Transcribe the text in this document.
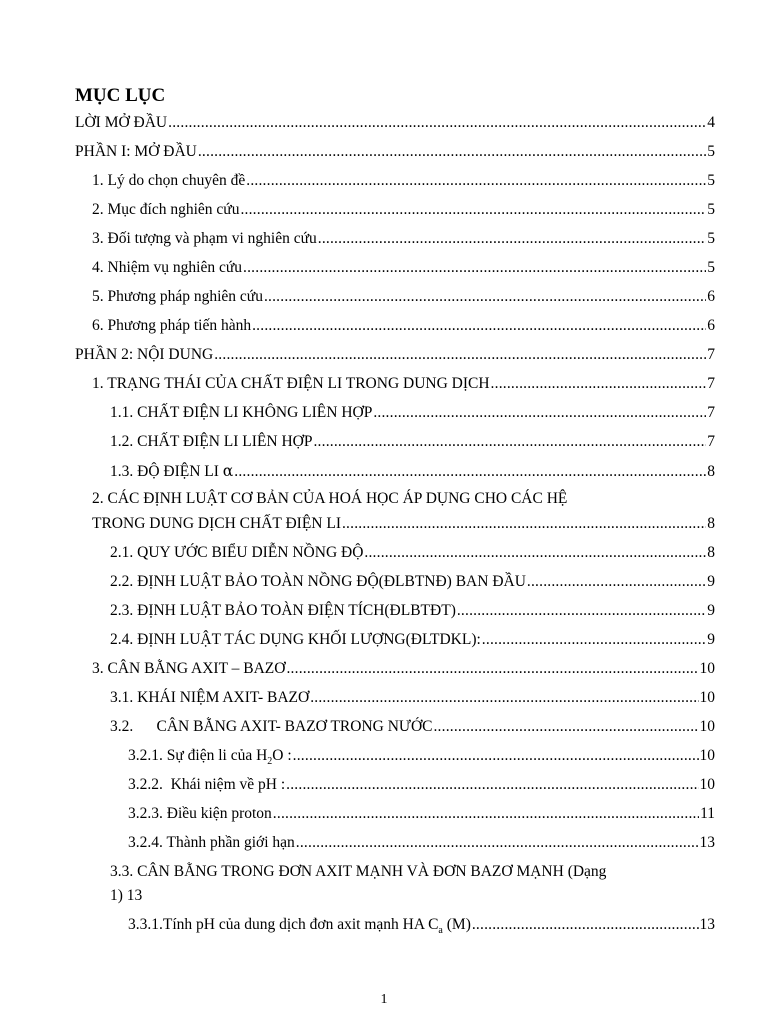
MỤC LỤC
LỜI MỞ ĐẦU .....	4
PHẦN I: MỞ ĐẦU .....	5
1. Lý do chọn chuyên đề .....	5
2. Mục đích nghiên cứu .....	5
3. Đối tượng và phạm vi nghiên cứu .....	5
4. Nhiệm vụ nghiên cứu .....	5
5. Phương pháp nghiên cứu .....	6
6. Phương pháp tiến hành .....	6
PHẦN 2: NỘI DUNG .....	7
1. TRẠNG THÁI CỦA CHẤT ĐIỆN LI TRONG DUNG DỊCH .....	7
1.1. CHẤT ĐIỆN LI KHÔNG LIÊN HỢP .....	7
1.2. CHẤT ĐIỆN LI LIÊN HỢP .....	7
1.3. ĐỘ ĐIỆN LI α .....	8
2. CÁC ĐỊNH LUẬT CƠ BẢN CỦA HOÁ HỌC ÁP DỤNG CHO CÁC HỆ
TRONG DUNG DỊCH CHẤT ĐIỆN LI .....	8
2.1. QUY ƯỚC BIỂU DIỄN NỒNG ĐỘ .....	8
2.2. ĐỊNH LUẬT BẢO TOÀN NỒNG ĐỘ(ĐLBTNĐ) BAN ĐẦU .....	9
2.3. ĐỊNH LUẬT BẢO TOÀN ĐIỆN TÍCH(ĐLBTĐT) .....	9
2.4. ĐỊNH LUẬT TÁC DỤNG KHỐI LƯỢNG(ĐLTDKL): .....	9
3. CÂN BẰNG AXIT – BAZƠ .....	10
3.1. KHÁI NIỆM AXIT- BAZƠ .....	10
3.2.      CÂN BẰNG AXIT- BAZƠ TRONG NƯỚC .....	10
3.2.1. Sự điện li của $H_2O$ : .....	10
3.2.2.  Khái niệm về pH : .....	10
3.2.3. Điều kiện proton .....	11
3.2.4. Thành phần giới hạn .....	13
3.3. CÂN BẰNG TRONG ĐƠN AXIT MẠNH VÀ ĐƠN BAZƠ MẠNH (Dạng
1) 13
3.3.1.Tính pH của dung dịch đơn axit mạnh HA $C_a$ (M) .....	13
1
